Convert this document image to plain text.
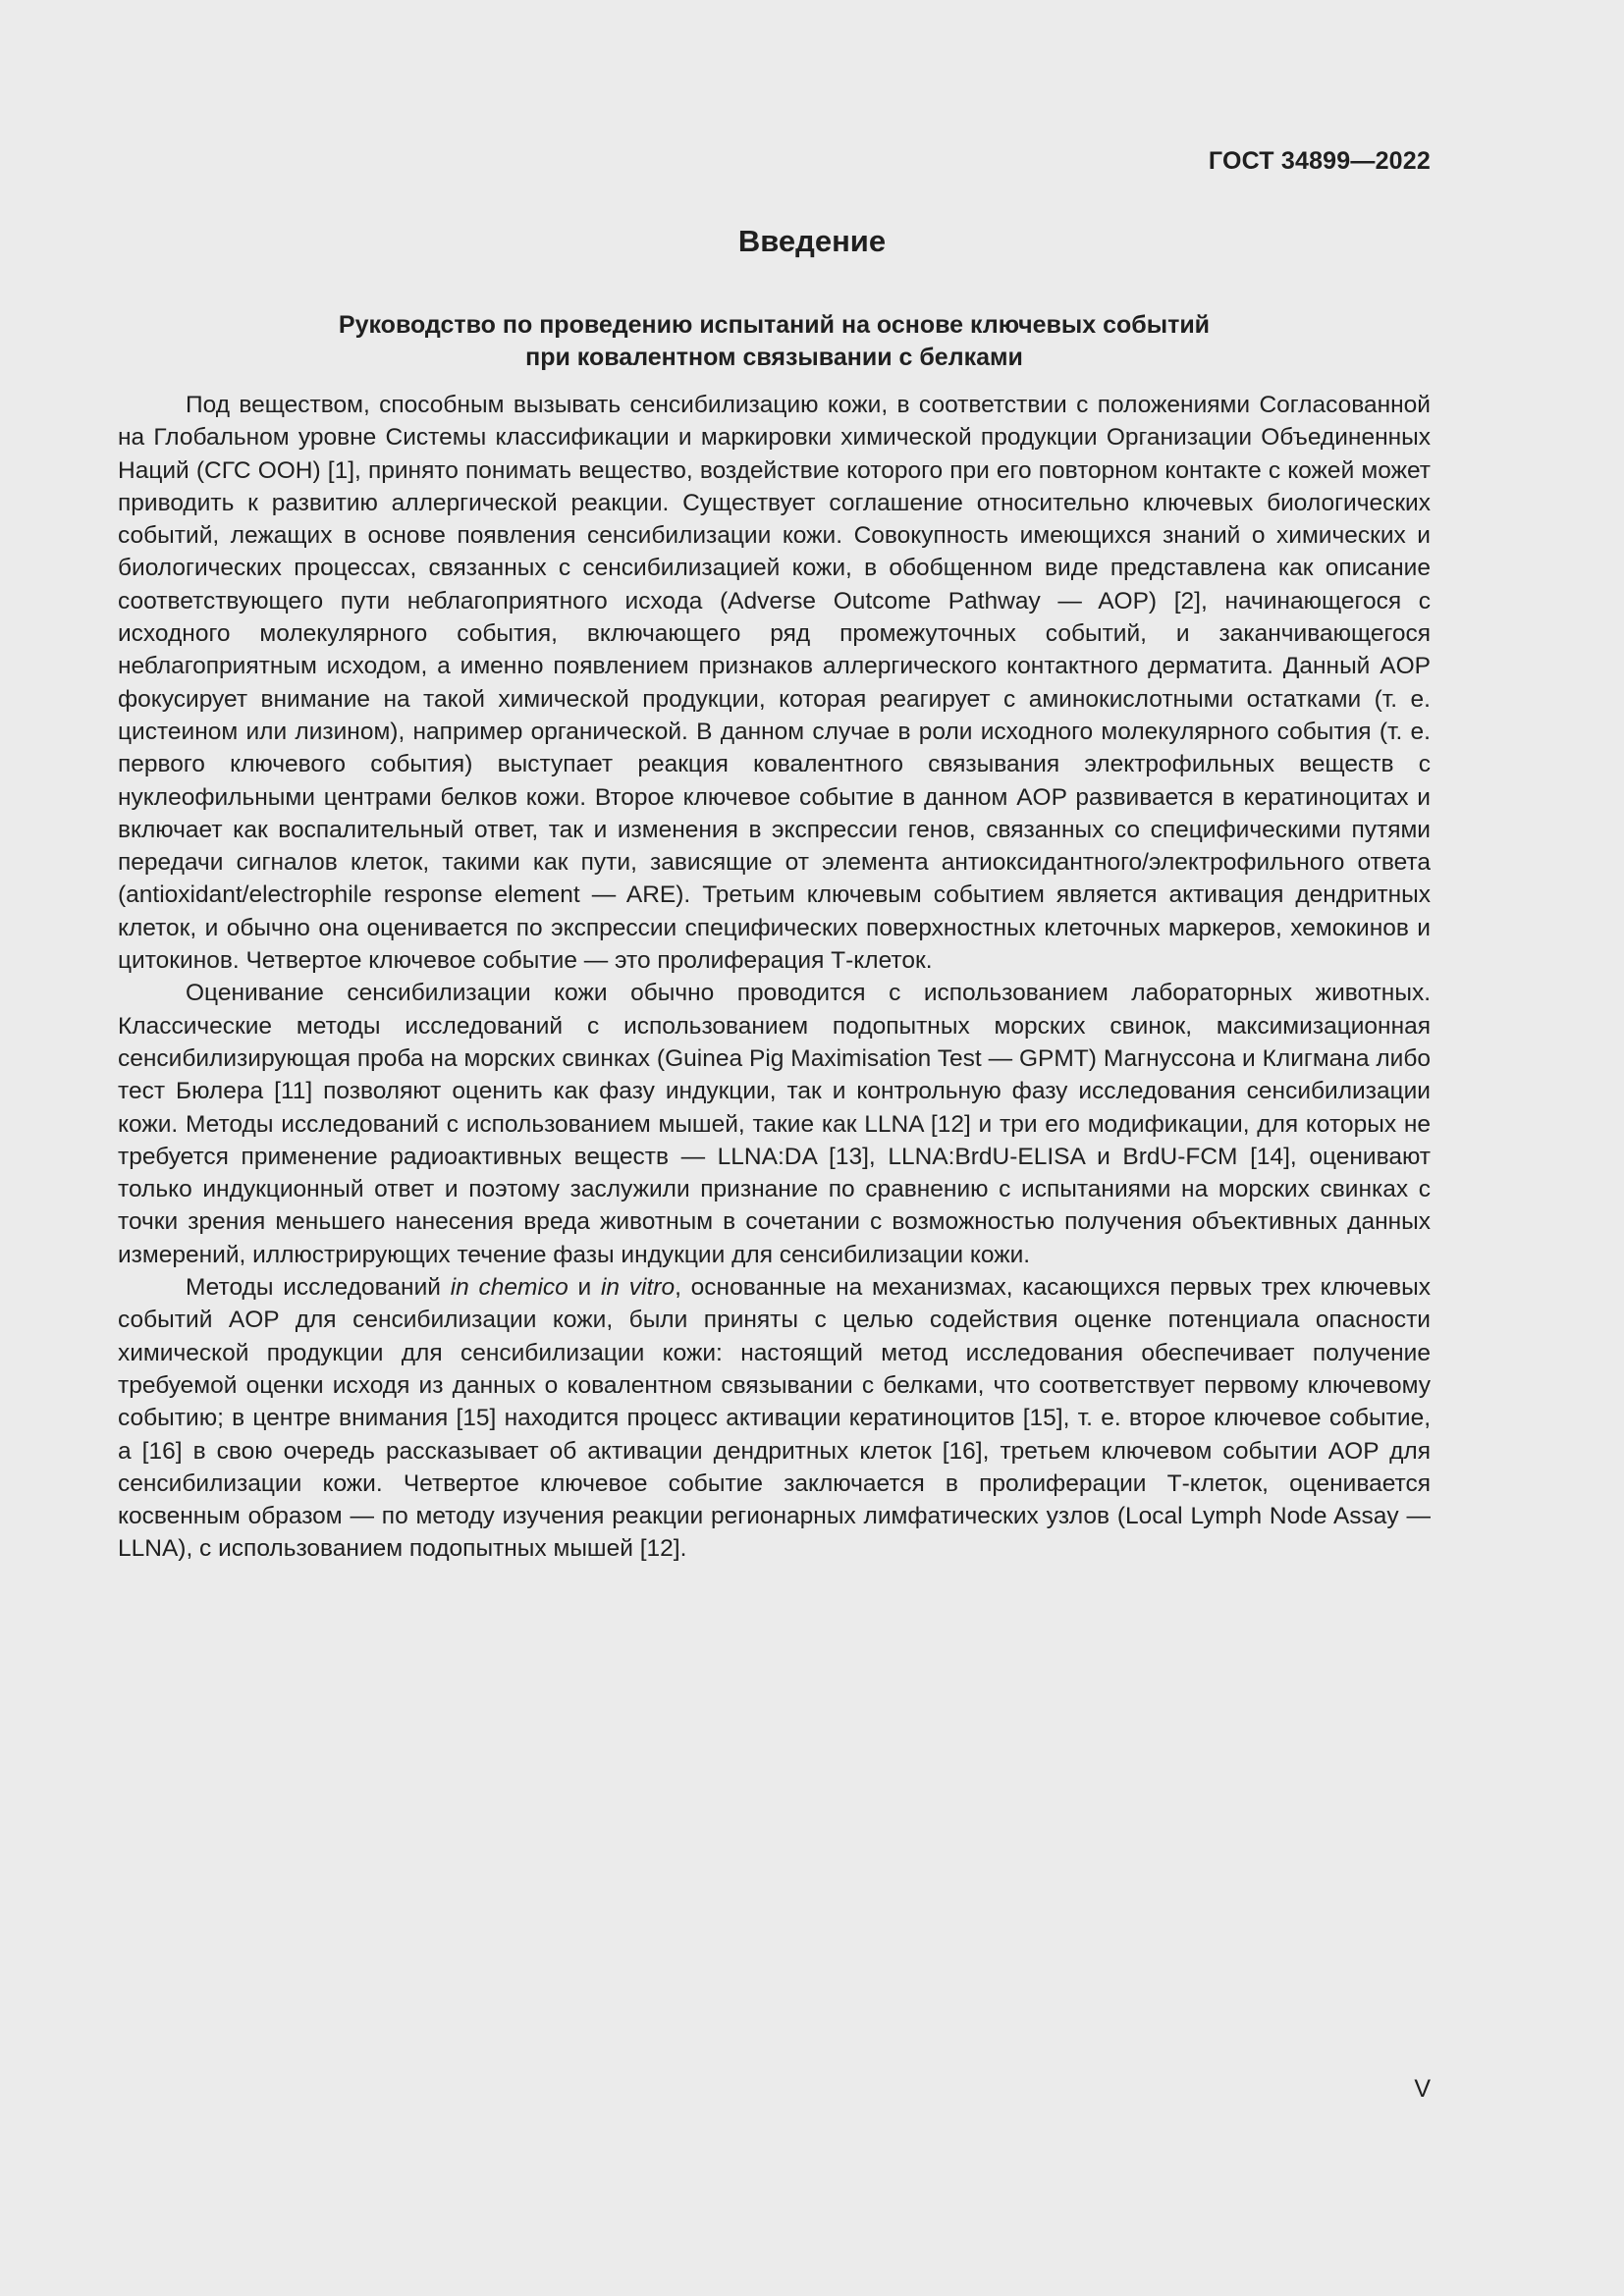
ГОСТ 34899—2022
Введение
Руководство по проведению испытаний на основе ключевых событий
при ковалентном связывании с белками

Под веществом, способным вызывать сенсибилизацию кожи, в соответствии с положениями Согласованной на Глобальном уровне Системы классификации и маркировки химической продукции Организации Объединенных Наций (СГС ООН) [1], принято понимать вещество, воздействие которого при его повторном контакте с кожей может приводить к развитию аллергической реакции. Существует соглашение относительно ключевых биологических событий, лежащих в основе появления сенсибилизации кожи. Совокупность имеющихся знаний о химических и биологических процессах, связанных с сенсибилизацией кожи, в обобщенном виде представлена как описание соответствующего пути неблагоприятного исхода (Adverse Outcome Pathway — AOP) [2], начинающегося с исходного молекулярного события, включающего ряд промежуточных событий, и заканчивающегося неблагоприятным исходом, а именно появлением признаков аллергического контактного дерматита. Данный AOP фокусирует внимание на такой химической продукции, которая реагирует с аминокислотными остатками (т. е. цистеином или лизином), например органической. В данном случае в роли исходного молекулярного события (т. е. первого ключевого события) выступает реакция ковалентного связывания электрофильных веществ с нуклеофильными центрами белков кожи. Второе ключевое событие в данном AOP развивается в кератиноцитах и включает как воспалительный ответ, так и изменения в экспрессии генов, связанных со специфическими путями передачи сигналов клеток, такими как пути, зависящие от элемента антиоксидантного/электрофильного ответа (antioxidant/electrophile response element — ARE). Третьим ключевым событием является активация дендритных клеток, и обычно она оценивается по экспрессии специфических поверхностных клеточных маркеров, хемокинов и цитокинов. Четвертое ключевое событие — это пролиферация Т-клеток.

Оценивание сенсибилизации кожи обычно проводится с использованием лабораторных животных. Классические методы исследований с использованием подопытных морских свинок, максимизационная сенсибилизирующая проба на морских свинках (Guinea Pig Maximisation Test — GPMT) Магнуссона и Клигмана либо тест Бюлера [11] позволяют оценить как фазу индукции, так и контрольную фазу исследования сенсибилизации кожи. Методы исследований с использованием мышей, такие как LLNA [12] и три его модификации, для которых не требуется применение радиоактивных веществ — LLNA:DA [13], LLNA:BrdU-ELISA и BrdU-FCM [14], оценивают только индукционный ответ и поэтому заслужили признание по сравнению с испытаниями на морских свинках с точки зрения меньшего нанесения вреда животным в сочетании с возможностью получения объективных данных измерений, иллюстрирующих течение фазы индукции для сенсибилизации кожи.

Методы исследований in chemico и in vitro, основанные на механизмах, касающихся первых трех ключевых событий AOP для сенсибилизации кожи, были приняты с целью содействия оценке потенциала опасности химической продукции для сенсибилизации кожи: настоящий метод исследования обеспечивает получение требуемой оценки исходя из данных о ковалентном связывании с белками, что соответствует первому ключевому событию; в центре внимания [15] находится процесс активации кератиноцитов [15], т. е. второе ключевое событие, а [16] в свою очередь рассказывает об активации дендритных клеток [16], третьем ключевом событии AOP для сенсибилизации кожи. Четвертое ключевое событие заключается в пролиферации Т-клеток, оценивается косвенным образом — по методу изучения реакции регионарных лимфатических узлов (Local Lymph Node Assay — LLNA), с использованием подопытных мышей [12].

V
